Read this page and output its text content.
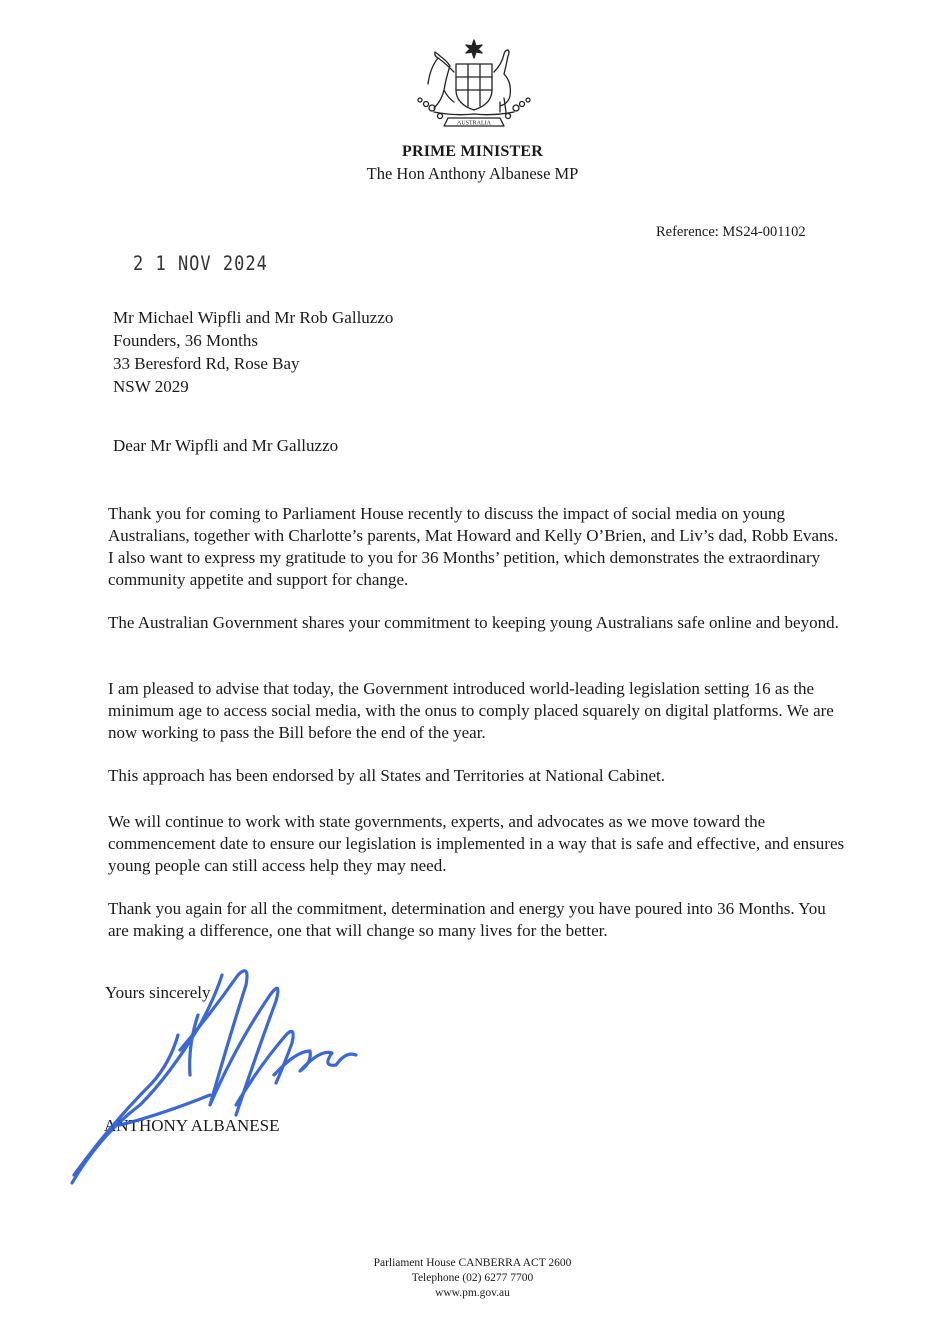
AUSTRALIA
PRIME MINISTER
The Hon Anthony Albanese MP
Reference: MS24-001102
2 1 NOV 2024
Mr Michael Wipfli and Mr Rob Galluzzo
Founders, 36 Months
33 Beresford Rd, Rose Bay
NSW 2029
Dear Mr Wipfli and Mr Galluzzo

Thank you for coming to Parliament House recently to discuss the impact of social media on young Australians, together with Charlotte’s parents, Mat Howard and Kelly O’Brien, and Liv’s dad, Robb Evans. I also want to express my gratitude to you for 36 Months’ petition, which demonstrates the extraordinary community appetite and support for change.

The Australian Government shares your commitment to keeping young Australians safe online and beyond.

I am pleased to advise that today, the Government introduced world-leading legislation setting 16 as the minimum age to access social media, with the onus to comply placed squarely on digital platforms. We are now working to pass the Bill before the end of the year.

This approach has been endorsed by all States and Territories at National Cabinet.

We will continue to work with state governments, experts, and advocates as we move toward the commencement date to ensure our legislation is implemented in a way that is safe and effective, and ensures young people can still access help they may need.

Thank you again for all the commitment, determination and energy you have poured into 36 Months. You are making a difference, one that will change so many lives for the better.

Yours sincerely
ANTHONY ALBANESE
Parliament House CANBERRA ACT 2600
Telephone (02) 6277 7700
www.pm.gov.au
